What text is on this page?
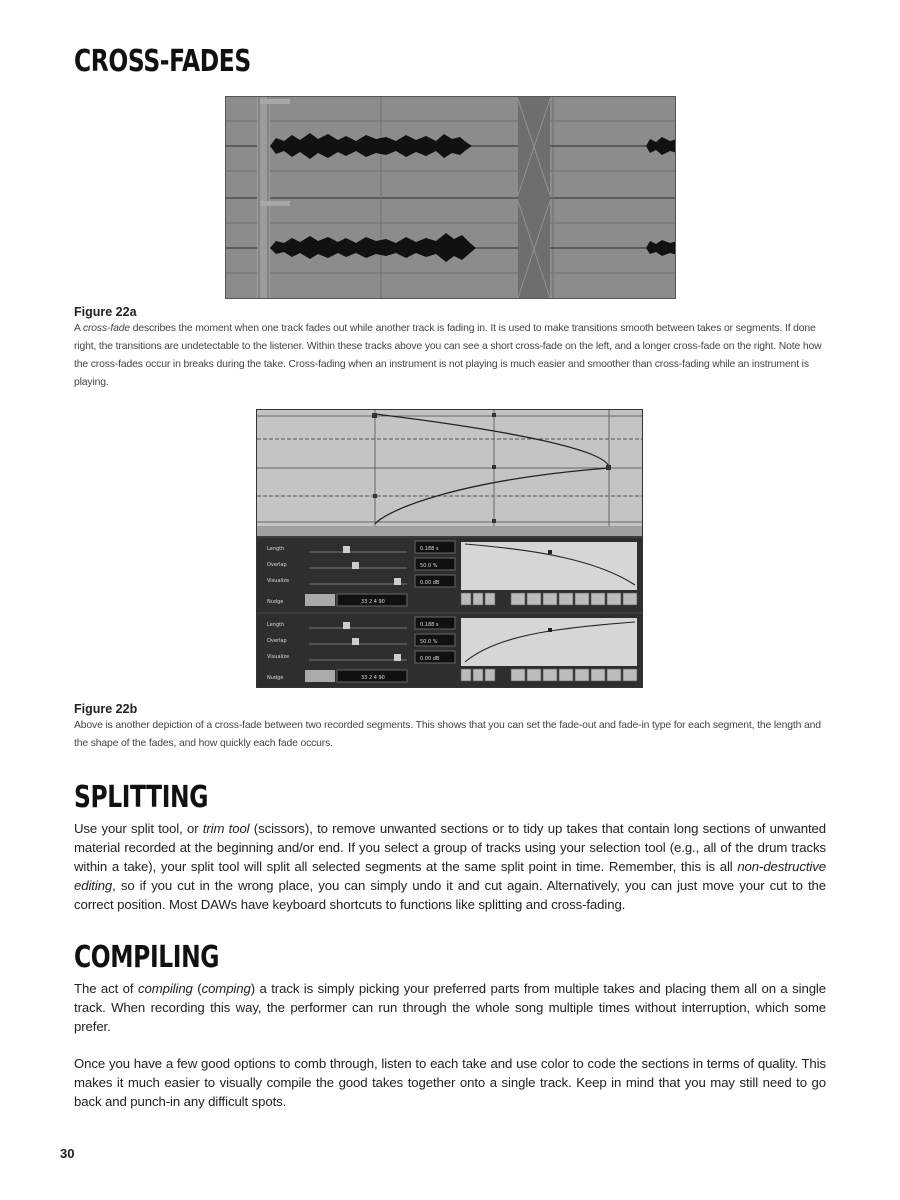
CROSS-FADES
Figure 22a
A cross-fade describes the moment when one track fades out while another track is fading in. It is used to make transitions smooth between takes or segments. If done right, the transitions are undetectable to the listener. Within these tracks above you can see a short cross-fade on the left, and a longer cross-fade on the right. Note how the cross-fades occur in breaks during the take. Cross-fading when an instrument is not playing is much easier and smoother than cross-fading while an instrument is playing.
Length
Overlap
Visualize
Nudge
0.188 s
50.0 %
0.00 dB
33 2 4 90
Length
Overlap
Visualize
Nudge
0.188 s
50.0 %
0.00 dB
33 2 4 90
Figure 22b
Above is another depiction of a cross-fade between two recorded segments. This shows that you can set the fade-out and fade-in type for each segment, the length and the shape of the fades, and how quickly each fade occurs.
SPLITTING

Use your split tool, or trim tool (scissors), to remove unwanted sections or to tidy up takes that contain long sections of unwanted material recorded at the beginning and/or end. If you select a group of tracks using your selection tool (e.g., all of the drum tracks within a take), your split tool will split all selected segments at the same split point in time. Remember, this is all non-destructive editing, so if you cut in the wrong place, you can simply undo it and cut again. Alternatively, you can just move your cut to the correct position. Most DAWs have keyboard shortcuts to functions like splitting and cross-fading.

COMPILING

The act of compiling (comping) a track is simply picking your preferred parts from multiple takes and placing them all on a single track. When recording this way, the performer can run through the whole song multiple times without interruption, which some prefer.

Once you have a few good options to comb through, listen to each take and use color to code the sections in terms of quality. This makes it much easier to visually compile the good takes together onto a single track. Keep in mind that you may still need to go back and punch-in any difficult spots.
30
